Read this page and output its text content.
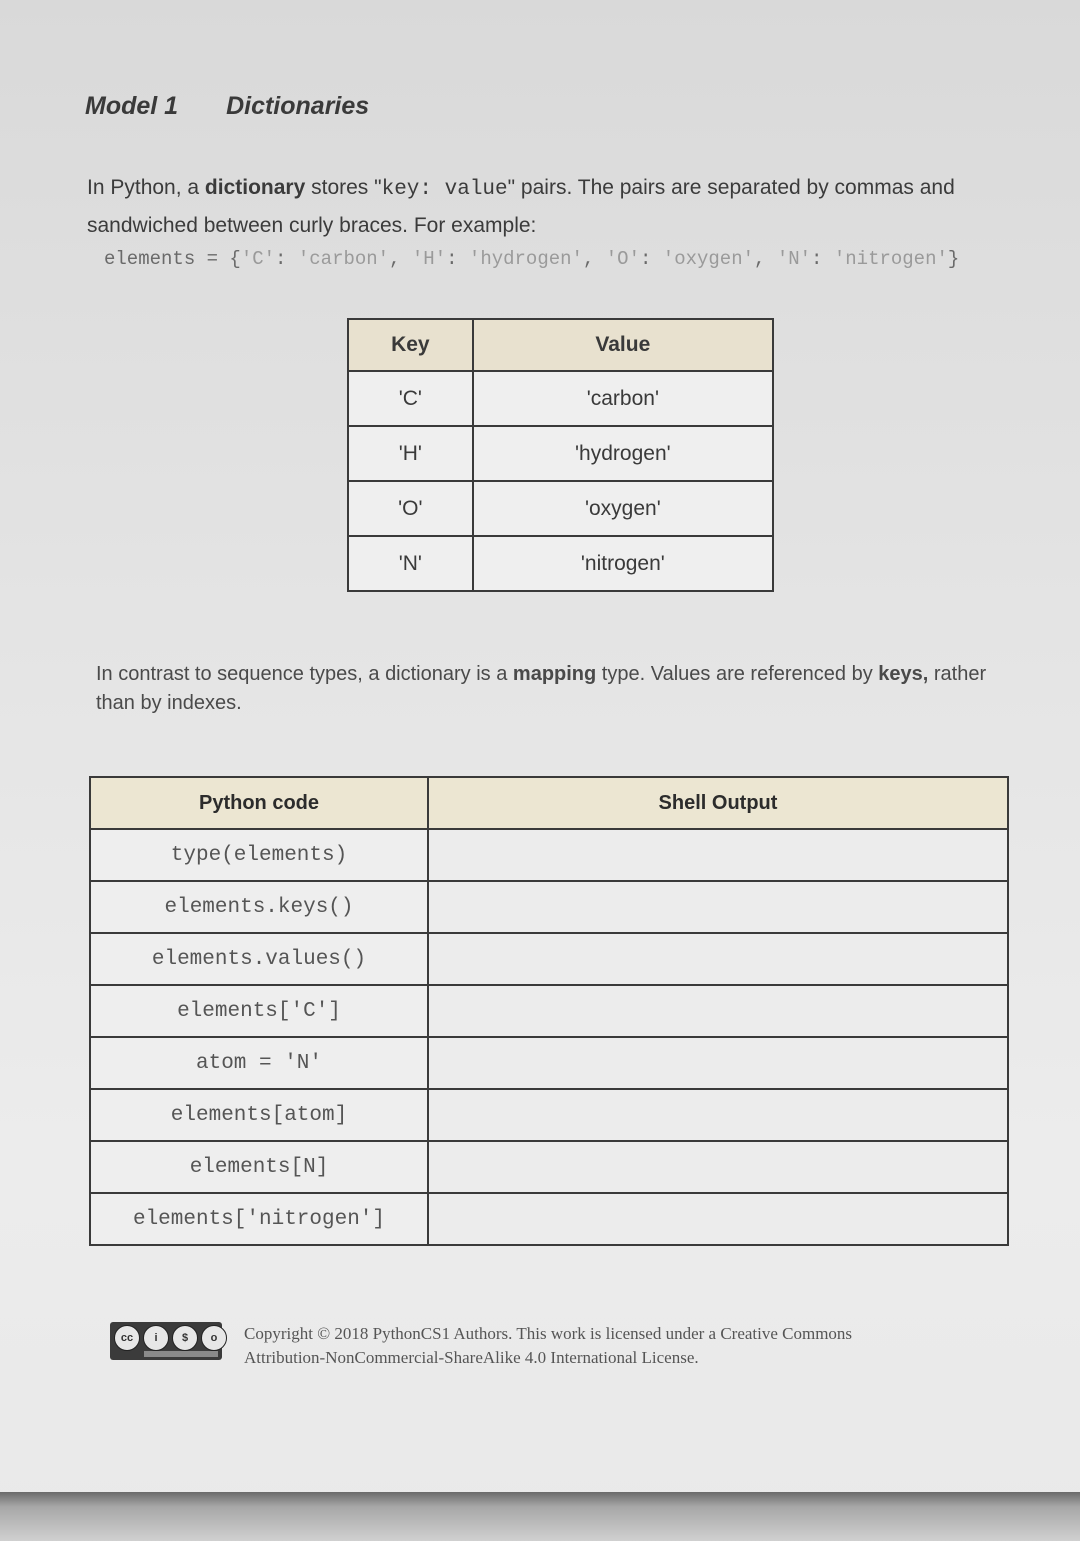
Model 1 Dictionaries
In Python, a dictionary stores "key: value" pairs. The pairs are separated by commas and sandwiched between curly braces. For example:
elements = {'C': 'carbon', 'H': 'hydrogen', 'O': 'oxygen', 'N': 'nitrogen'}
Key	Value
'C'	'carbon'
'H'	'hydrogen'
'O'	'oxygen'
'N'	'nitrogen'
In contrast to sequence types, a dictionary is a mapping type. Values are referenced by keys, rather than by indexes.
Python code	Shell Output
type(elements)	
elements.keys()	
elements.values()	
elements['C']	
atom = 'N'	
elements[atom]	
elements[N]	
elements['nitrogen']	
cc	i	$	o	Copyright © 2018 PythonCS1 Authors. This work is licensed under a Creative Commons
Attribution-NonCommercial-ShareAlike 4.0 International License.
